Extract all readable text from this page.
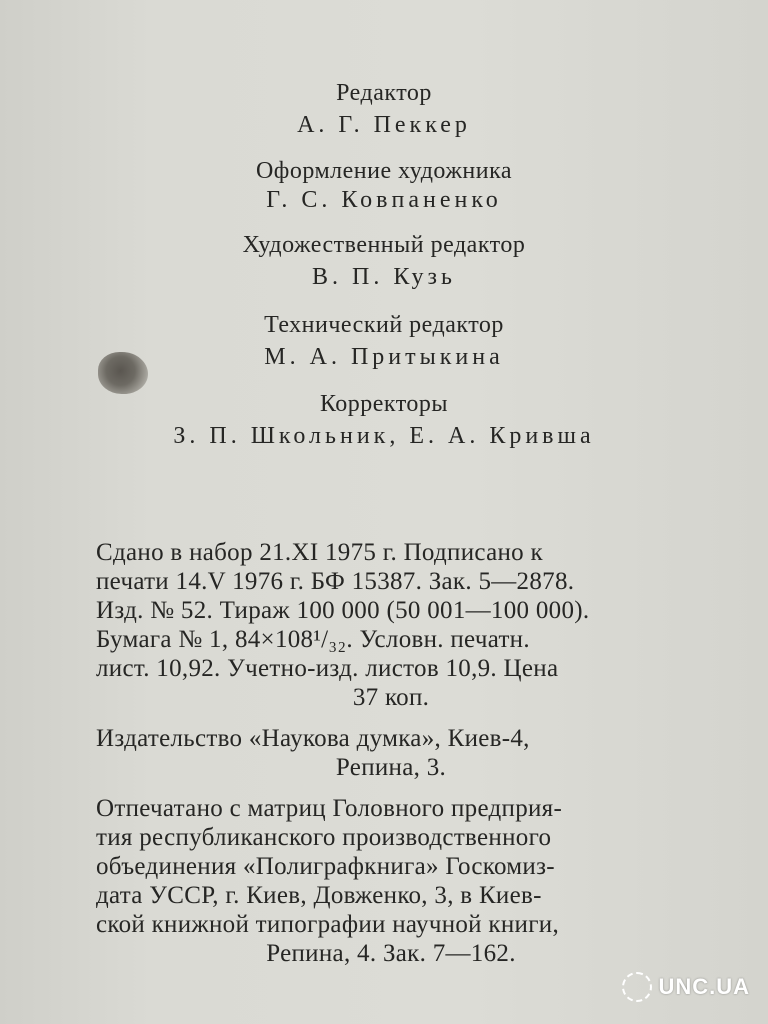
Редактор
А. Г. Пеккер
Оформление художника
Г. С. Ковпаненко
Художественный редактор
В. П. Кузь
Технический редактор
М. А. Притыкина
Корректоры
З. П. Школьник, Е. А. Кривша

Сдано в набор 21.XI 1975 г. Подписано к

печати 14.V 1976 г. БФ 15387. Зак. 5—2878.

Изд. № 52. Тираж 100 000 (50 001—100 000).

Бумага № 1, 84×108¹/₃₂. Условн. печатн.

лист. 10,92. Учетно-изд. листов 10,9. Цена

37 коп.

Издательство «Наукова думка», Киев-4,

Репина, 3.

Отпечатано с матриц Головного предприя-

тия республиканского производственного

объединения «Полиграфкнига» Госкомиз-

дата УССР, г. Киев, Довженко, 3, в Киев-

ской книжной типографии научной книги,

Репина, 4. Зак. 7—162.

UNC.UA
